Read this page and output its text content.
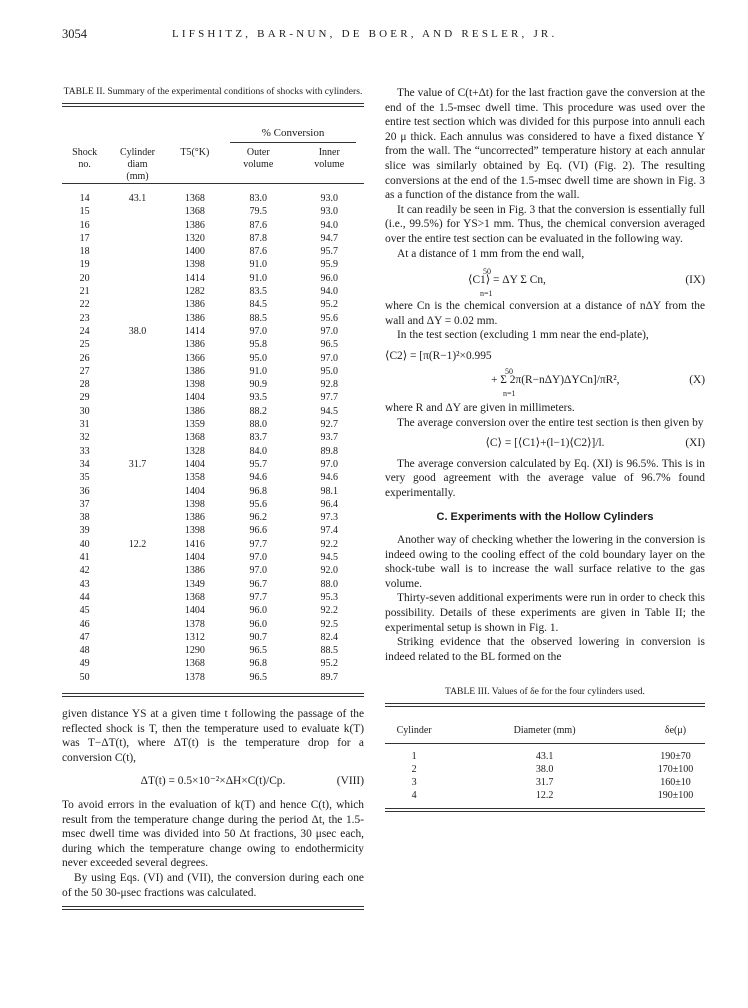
3054	LIFSHITZ, BAR-NUN, DE BOER, AND RESLER, JR.
TABLE II. Summary of the experimental conditions of shocks with cylinders.

			% Conversion	

Shock no.	Cylinder diam (mm)	T5(°K)	Outer volume	Inner volume

14	43.1	1368	83.0	93.0
15		1368	79.5	93.0
16		1386	87.6	94.0
17		1320	87.8	94.7
18		1400	87.6	95.7
19		1398	91.0	95.9
20		1414	91.0	96.0
21		1282	83.5	94.0
22		1386	84.5	95.2
23		1386	88.5	95.6
24	38.0	1414	97.0	97.0
25		1386	95.8	96.5
26		1366	95.0	97.0
27		1386	91.0	95.0
28		1398	90.9	92.8
29		1404	93.5	97.7
30		1386	88.2	94.5
31		1359	88.0	92.7
32		1368	83.7	93.7
33		1328	84.0	89.8
34	31.7	1404	95.7	97.0
35		1358	94.6	94.6
36		1404	96.8	98.1
37		1398	95.6	96.4
38		1386	96.2	97.3
39		1398	96.6	97.4
40	12.2	1416	97.7	92.2
41		1404	97.0	94.5
42		1386	97.0	92.0
43		1349	96.7	88.0
44		1368	97.7	95.3
45		1404	96.0	92.2
46		1378	96.0	92.5
47		1312	90.7	82.4
48		1290	96.5	88.5
49		1368	96.8	95.2
50		1378	96.5	89.7

given distance YS at a given time t following the passage of the reflected shock is T, then the temperature used to evaluate k(T) was T−ΔT(t), where ΔT(t) is the temperature drop for a conversion C(t),

ΔT(t) = 0.5×10⁻²×ΔH×C(t)/Cp.	(VIII)

To avoid errors in the evaluation of k(T) and hence C(t), which result from the temperature change during the period Δt, the 1.5-msec dwell time was divided into 50 Δt fractions, 30 μsec each, during which the temperature change owing to endothermicity never exceeded several degrees.

By using Eqs. (VI) and (VII), the conversion during each one of the 50 30-μsec fractions was calculated.

The value of C(t+Δt) for the last fraction gave the conversion at the end of the 1.5-msec dwell time. This procedure was used over the entire test section which was divided for this purpose into annuli each 20 μ thick. Each annulus was considered to have a fixed distance Y from the wall. The “uncorrected” temperature history at each annular slice was similarly obtained by Eq. (VI) (Fig. 2). The resulting conversions at the end of the 1.5-msec dwell time are shown in Fig. 3 as a function of the distance from the wall.

It can readily be seen in Fig. 3 that the conversion is essentially full (i.e., 99.5%) for YS>1 mm. Thus, the chemical conversion averaged over the entire test section can be evaluated in the following way.

At a distance of 1 mm from the end wall,

50
⟨C1⟩ = ΔY Σ Cn,
n=1
(IX)

where Cn is the chemical conversion at a distance of nΔY from the wall and ΔY = 0.02 mm.

In the test section (excluding 1 mm near the end-plate),

⟨C2⟩ = [π(R−1)²×0.995
50
+ Σ 2π(R−nΔY)ΔYCn]/πR²,
n=1
(X)

where R and ΔY are given in millimeters.

The average conversion over the entire test section is then given by

⟨C⟩ = [⟨C1⟩+(l−1)⟨C2⟩]/l.	(XI)

The average conversion calculated by Eq. (XI) is 96.5%. This is in very good agreement with the average value of 96.7% found experimentally.

C. Experiments with the Hollow Cylinders

Another way of checking whether the lowering in the conversion is indeed owing to the cooling effect of the cold boundary layer on the shock-tube wall is to increase the wall surface relative to the gas volume.

Thirty-seven additional experiments were run in order to check this possibility. Details of these experiments are given in Table II; the experimental setup is shown in Fig. 1.

Striking evidence that the observed lowering in conversion is indeed related to the BL formed on the

TABLE III. Values of δe for the four cylinders used.
Cylinder	Diameter (mm)	δe(μ)

1	43.1	190±70
2	38.0	170±100
3	31.7	160±10
4	12.2	190±100
